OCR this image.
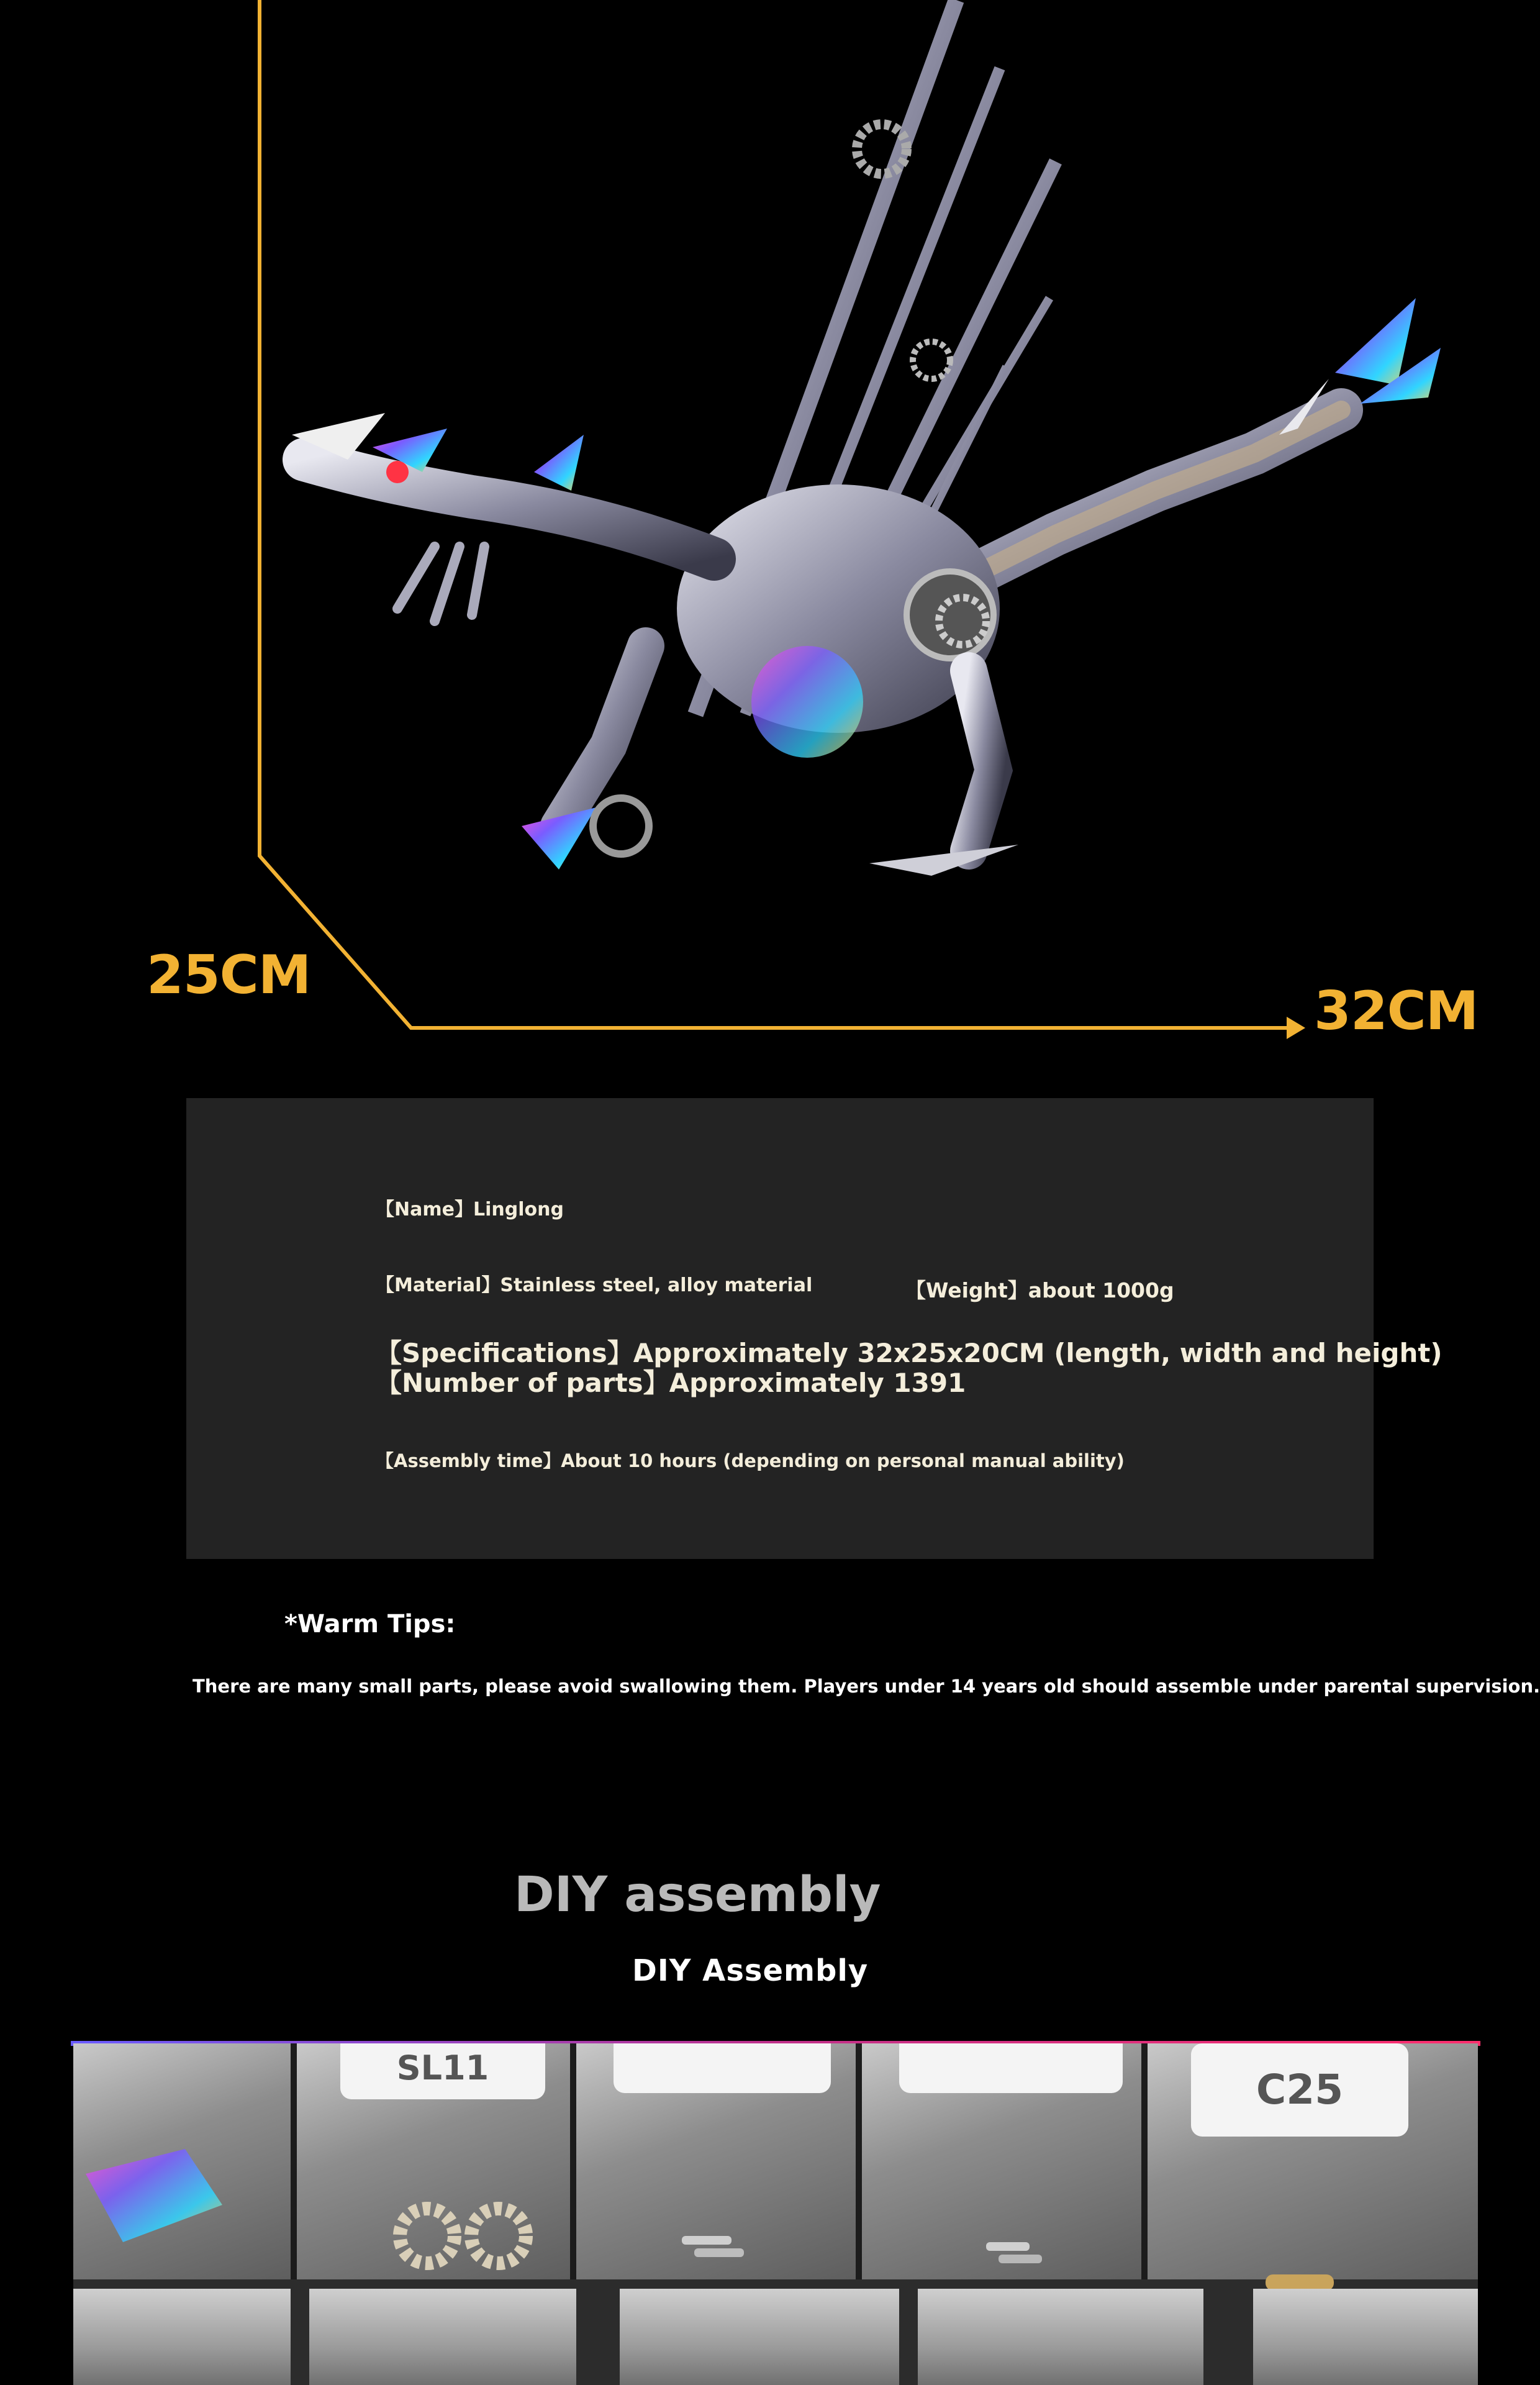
25CM
32CM
【Name】Linglong
【Material】Stainless steel, alloy material	【Weight】about 1000g
【Specifications】Approximately 32x25x20CM (length, width and height)
【Number of parts】Approximately 1391
【Assembly time】About 10 hours (depending on personal manual ability)
*Warm Tips:
There are many small parts, please avoid swallowing them. Players under 14 years old should assemble under parental supervision.
DIY assembly
DIY Assembly
SL11	C25
